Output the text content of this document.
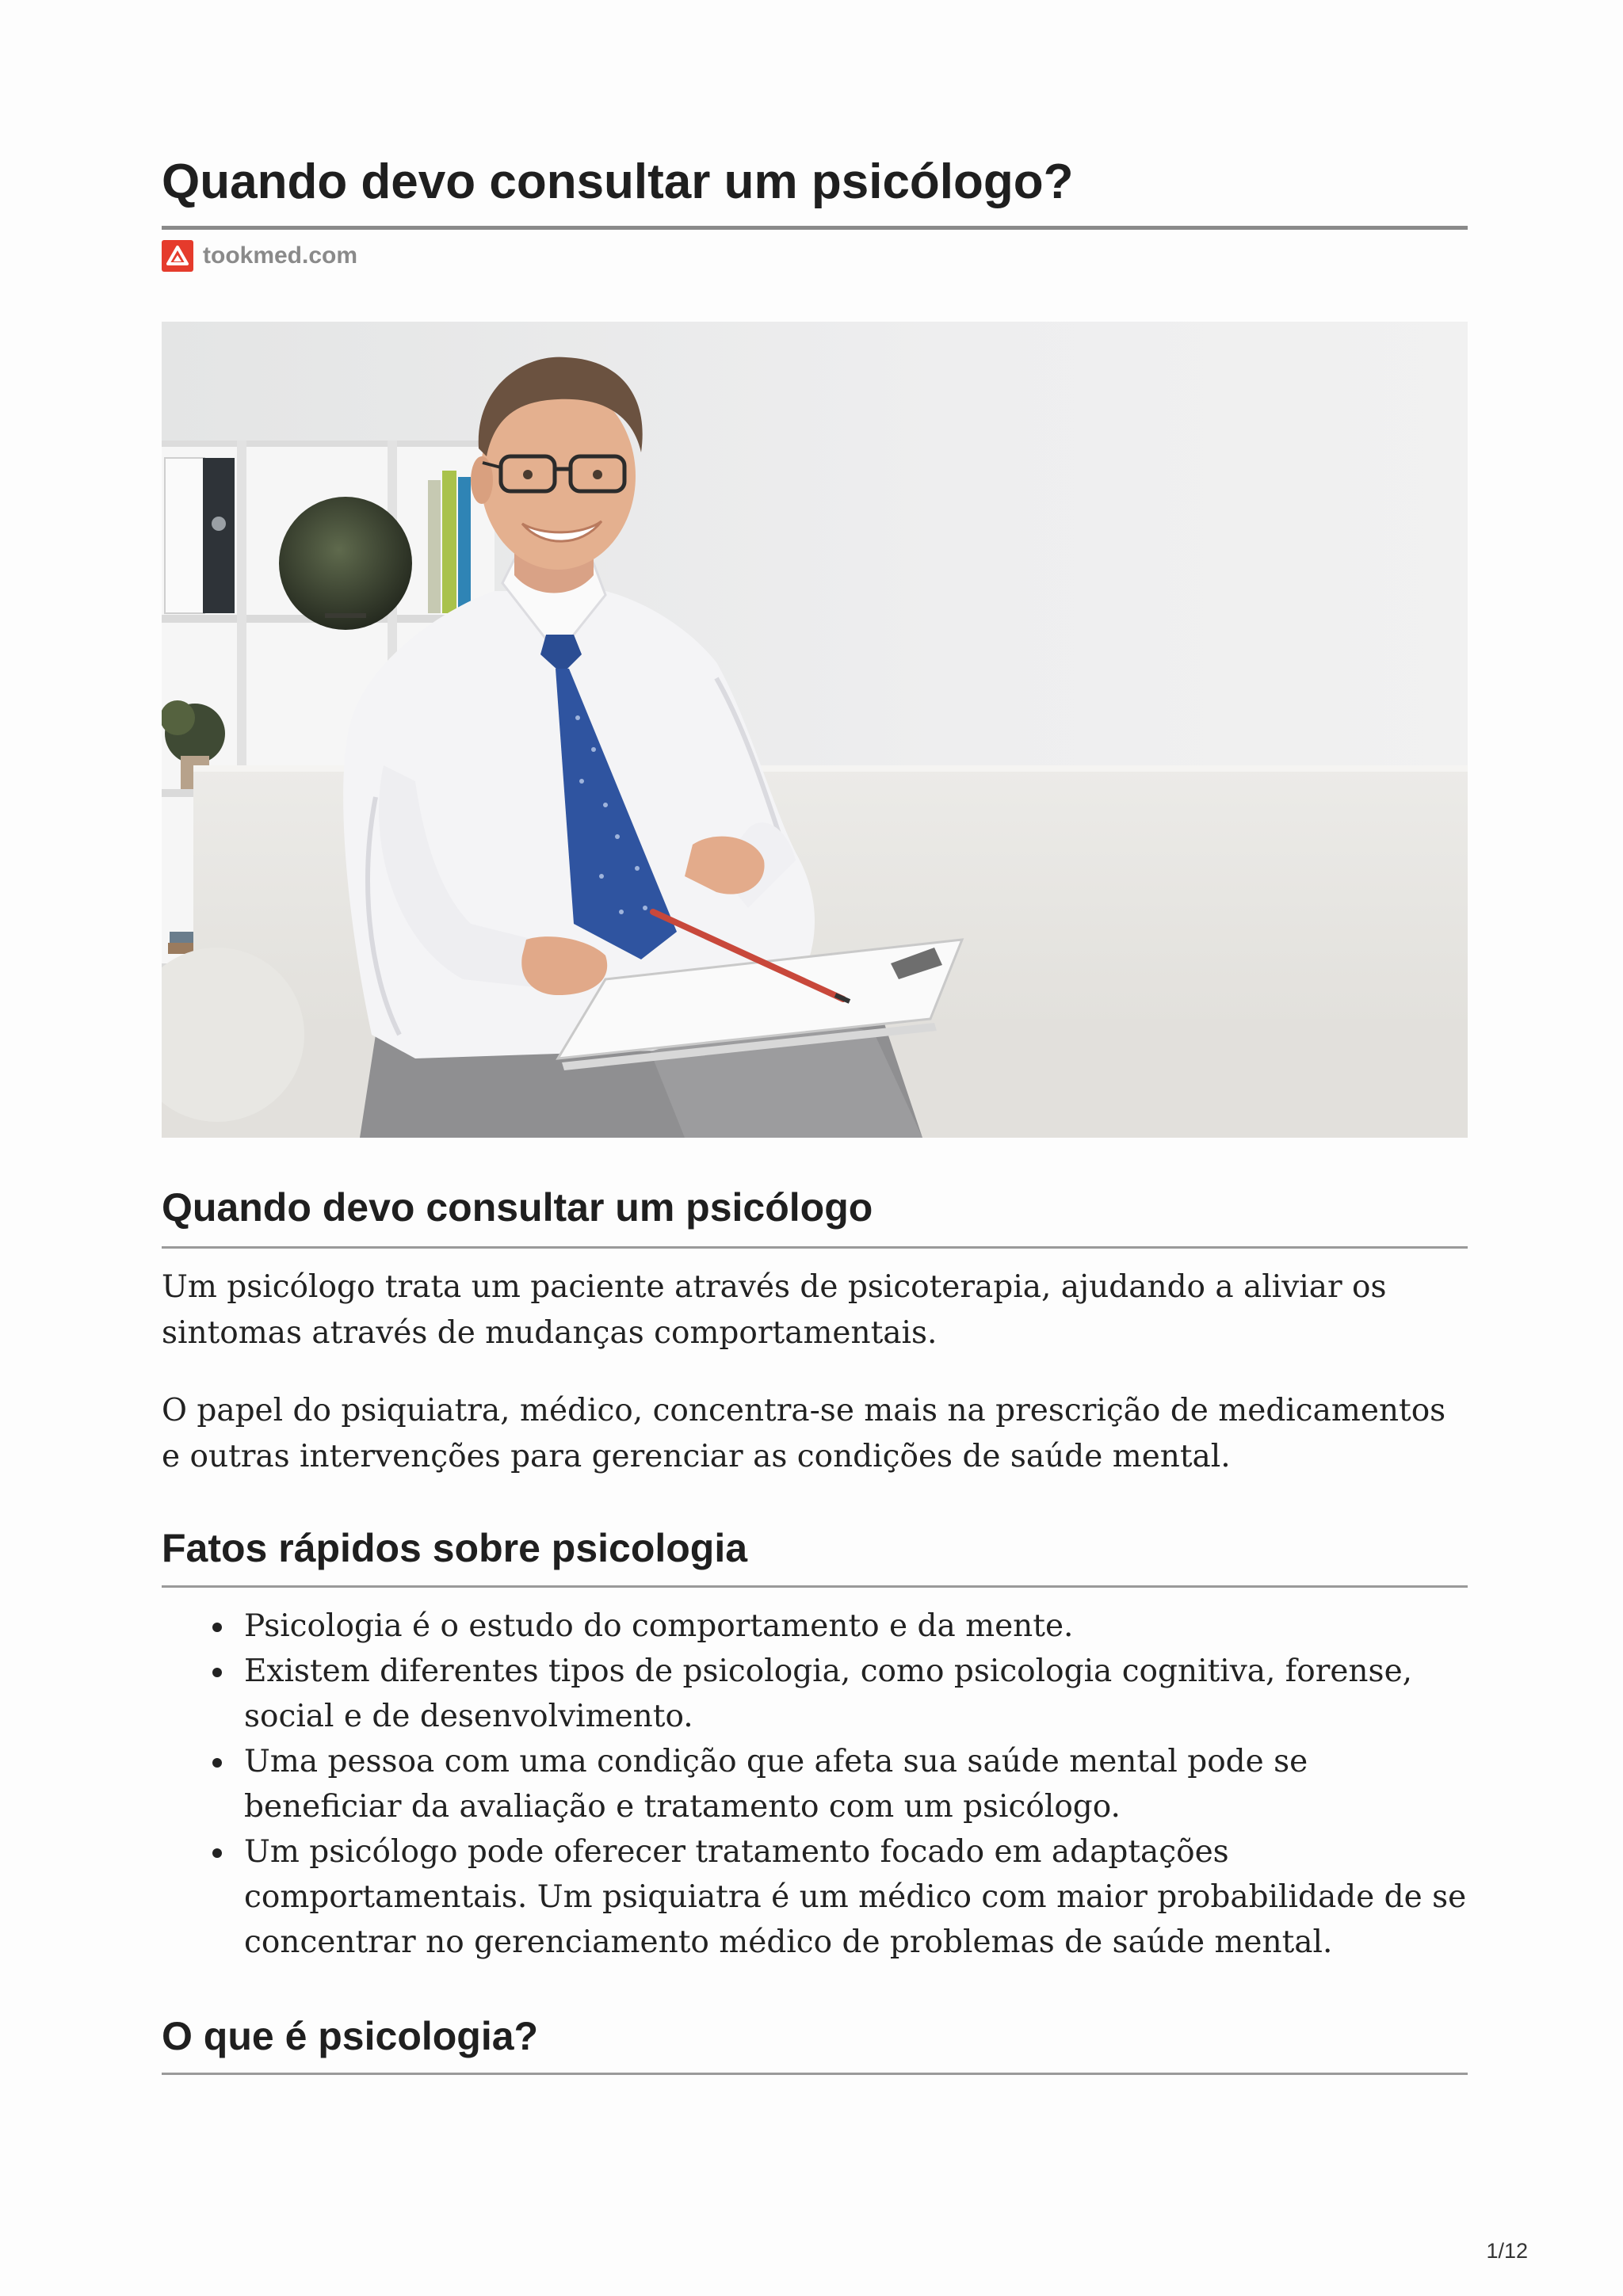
Quando devo consultar um psicólogo?
tookmed.com
Quando devo consultar um psicólogo

Um psicólogo trata um paciente através de psicoterapia, ajudando a aliviar os sintomas através de mudanças comportamentais.

O papel do psiquiatra, médico, concentra-se mais na prescrição de medicamentos e outras intervenções para gerenciar as condições de saúde mental.

Fatos rápidos sobre psicologia
Psicologia é o estudo do comportamento e da mente.
Existem diferentes tipos de psicologia, como psicologia cognitiva, forense, social e de desenvolvimento.
Uma pessoa com uma condição que afeta sua saúde mental pode se beneficiar da avaliação e tratamento com um psicólogo.
Um psicólogo pode oferecer tratamento focado em adaptações comportamentais. Um psiquiatra é um médico com maior probabilidade de se concentrar no gerenciamento médico de problemas de saúde mental.
O que é psicologia?
1/12
